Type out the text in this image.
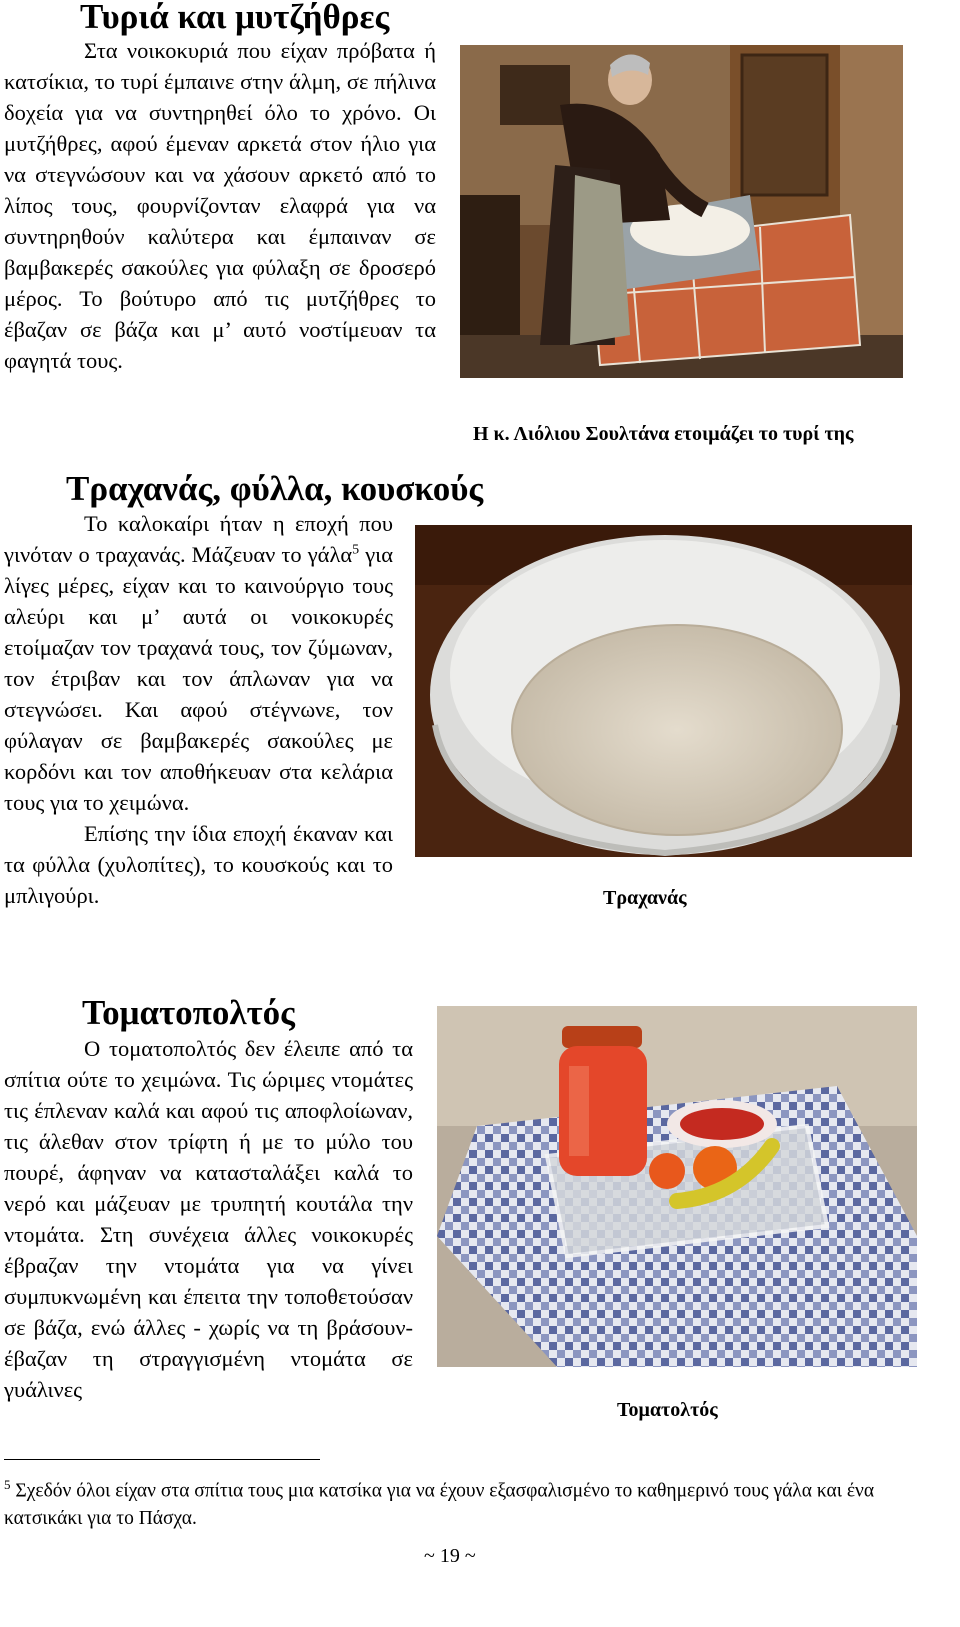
Τυριά και μυτζήθρες

Στα νοικοκυριά που είχαν πρόβατα ή κατσίκια, το τυρί έμπαινε στην άλμη, σε πήλινα δοχεία για να συντηρηθεί όλο το χρόνο. Οι μυτζήθρες, αφού έμεναν αρκετά στον ήλιο για να στεγνώσουν και να χάσουν αρκετό από το λίπος τους, φουρνίζονταν ελαφρά για να συντηρηθούν καλύτερα και έμπαιναν σε βαμβακερές σακούλες για φύλαξη σε δροσερό μέρος. Το βούτυρο από τις μυτζήθρες το έβαζαν σε βάζα και μ’ αυτό νοστίμευαν τα φαγητά τους.

Η κ. Λιόλιου Σουλτάνα ετοιμάζει το τυρί της
Τραχανάς, φύλλα, κουσκούς

Το καλοκαίρι ήταν η εποχή που γινόταν ο τραχανάς. Μάζευαν το γάλα$^5$ για λίγες μέρες, είχαν και το καινούργιο τους αλεύρι και μ’ αυτά οι νοικοκυρές ετοίμαζαν τον τραχανά τους, τον ζύμωναν, τον έτριβαν και τον άπλωναν για να στεγνώσει. Και αφού στέγνωνε, τον φύλαγαν σε βαμβακερές σακούλες με κορδόνι και τον αποθήκευαν στα κελάρια τους για το χειμώνα.

Επίσης την ίδια εποχή έκαναν και τα φύλλα (χυλοπίτες), το κουσκούς και το μπλιγούρι.	Τραχανάς
Τοματοπολτός

Ο τοματοπολτός δεν έλειπε από τα σπίτια ούτε το χειμώνα. Τις ώριμες ντομάτες τις έπλεναν καλά και αφού τις αποφλοίωναν, τις άλεθαν στον τρίφτη ή με το μύλο του πουρέ, άφηναν να κατασταλάξει καλά το νερό και μάζευαν με τρυπητή κουτάλα την ντομάτα. Στη συνέχεια άλλες νοικοκυρές έβραζαν την ντομάτα για να γίνει συμπυκνωμένη και έπειτα την τοποθετούσαν σε βάζα, ενώ άλλες - χωρίς να τη βράσουν- έβαζαν τη στραγγισμένη ντομάτα σε γυάλινες

Τοματολτός
$^5$ Σχεδόν όλοι είχαν στα σπίτια τους μια κατσίκα για να έχουν εξασφαλισμένο το καθημερινό τους γάλα και ένα κατσικάκι για το Πάσχα.
~ 19 ~
